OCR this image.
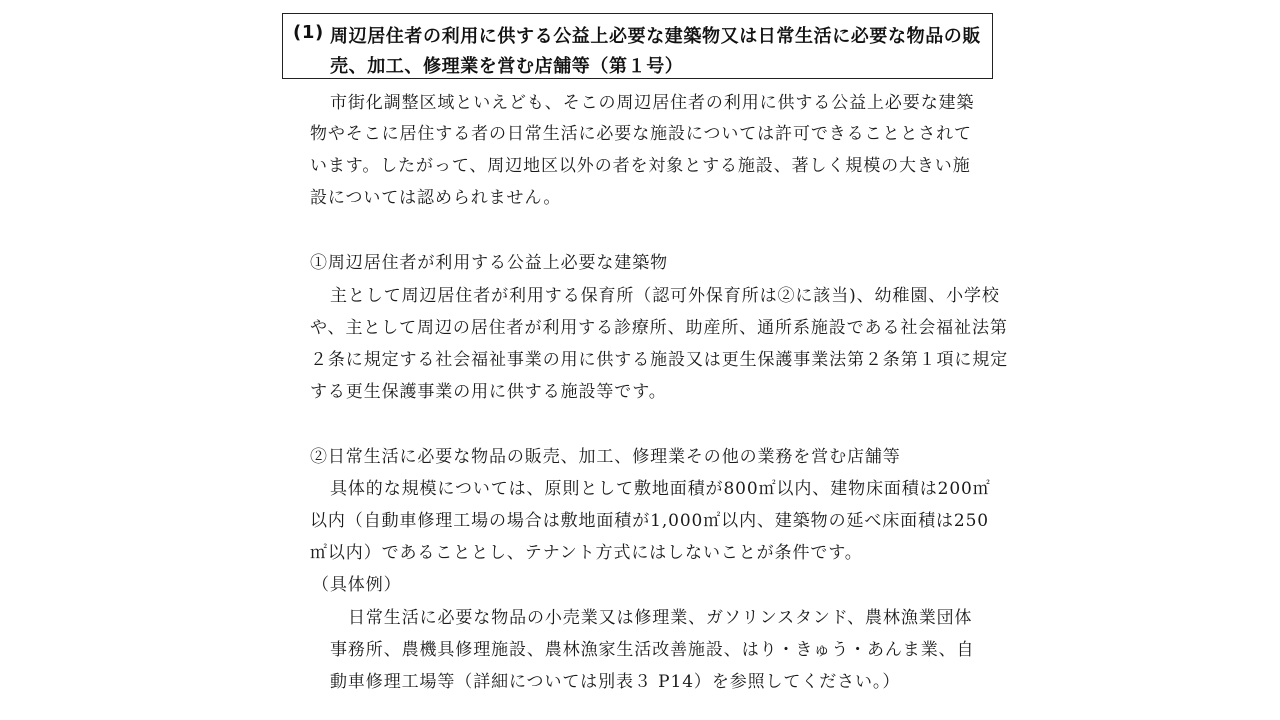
(1) 周辺居住者の利用に供する公益上必要な建築物又は日常生活に必要な物品の販
売、加工、修理業を営む店舗等（第１号）
市街化調整区域といえども、そこの周辺居住者の利用に供する公益上必要な建築
物やそこに居住する者の日常生活に必要な施設については許可できることとされて
います。したがって、周辺地区以外の者を対象とする施設、著しく規模の大きい施
設については認められません。
①周辺居住者が利用する公益上必要な建築物
主として周辺居住者が利用する保育所（認可外保育所は②に該当)、幼稚園、小学校
や、主として周辺の居住者が利用する診療所、助産所、通所系施設である社会福祉法第
２条に規定する社会福祉事業の用に供する施設又は更生保護事業法第２条第１項に規定
する更生保護事業の用に供する施設等です。
②日常生活に必要な物品の販売、加工、修理業その他の業務を営む店舗等
具体的な規模については、原則として敷地面積が800㎡以内、建物床面積は200㎡
以内（自動車修理工場の場合は敷地面積が1,000㎡以内、建築物の延べ床面積は250
㎡以内）であることとし、テナント方式にはしないことが条件です。
（具体例）
日常生活に必要な物品の小売業又は修理業、ガソリンスタンド、農林漁業団体
事務所、農機具修理施設、農林漁家生活改善施設、はり・きゅう・あんま業、自
動車修理工場等（詳細については別表３ P14）を参照してください。）
